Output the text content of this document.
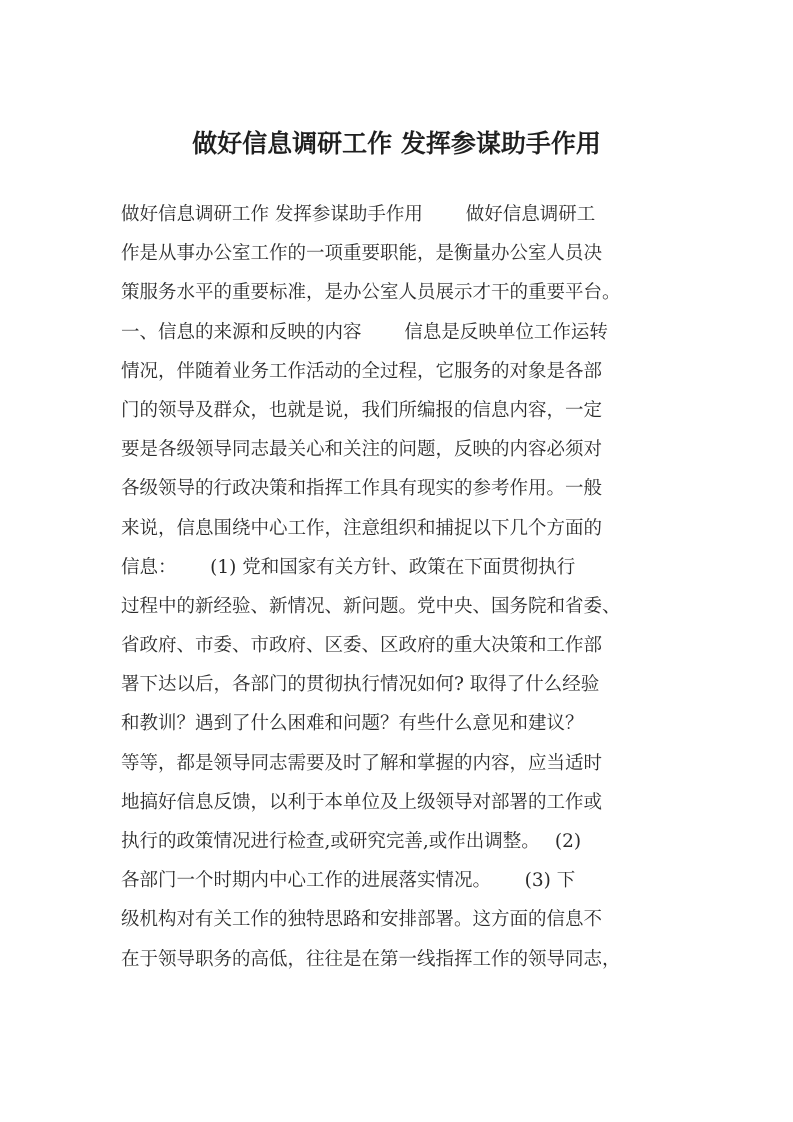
做好信息调研工作 发挥参谋助手作用
做好信息调研工作 发挥参谋助手作用　　 做好信息调研工
作是从事办公室工作的一项重要职能，是衡量办公室人员决
策服务水平的重要标准，是办公室人员展示才干的重要平台。
一、信息的来源和反映的内容　　 信息是反映单位工作运转
情况，伴随着业务工作活动的全过程，它服务的对象是各部
门的领导及群众，也就是说，我们所编报的信息内容，一定
要是各级领导同志最关心和关注的问题，反映的内容必须对
各级领导的行政决策和指挥工作具有现实的参考作用。一般
来说，信息围绕中心工作，注意组织和捕捉以下几个方面的
信息：　　 (1) 党和国家有关方针、政策在下面贯彻执行
过程中的新经验、新情况、新问题。党中央、国务院和省委、
省政府、市委、市政府、区委、区政府的重大决策和工作部
署下达以后，各部门的贯彻执行情况如何? 取得了什么经验
和教训？遇到了什么困难和问题？有些什么意见和建议？
等等，都是领导同志需要及时了解和掌握的内容，应当适时
地搞好信息反馈，以利于本单位及上级领导对部署的工作或
执行的政策情况进行检查,或研究完善,或作出调整。　 (2)
各部门一个时期内中心工作的进展落实情况。　　 (3) 下
级机构对有关工作的独特思路和安排部署。这方面的信息不
在于领导职务的高低，往往是在第一线指挥工作的领导同志，
